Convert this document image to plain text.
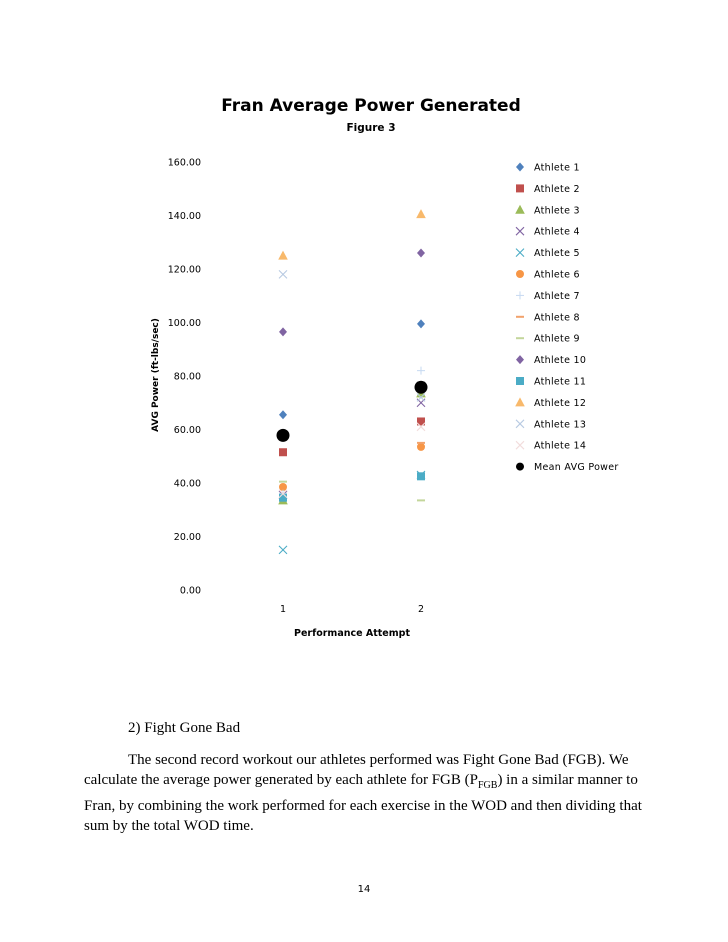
Fran Average Power Generated
Figure 3
AVG Power (ft-lbs/sec)
Performance Attempt
0.00
20.00
40.00
60.00
80.00
100.00
120.00
140.00
160.00
1	2
Athlete 1
Athlete 2
Athlete 3
Athlete 4
Athlete 5
Athlete 6
Athlete 7
Athlete 8
Athlete 9
Athlete 10
Athlete 11
Athlete 12
Athlete 13
Athlete 14
Mean AVG Power

2) Fight Gone Bad

The second record workout our athletes performed was Fight Gone Bad (FGB). We calculate the average power generated by each athlete for FGB $(P_{FGB})$ in a similar manner to Fran, by combining the work performed for each exercise in the WOD and then dividing that sum by the total WOD time.

14
